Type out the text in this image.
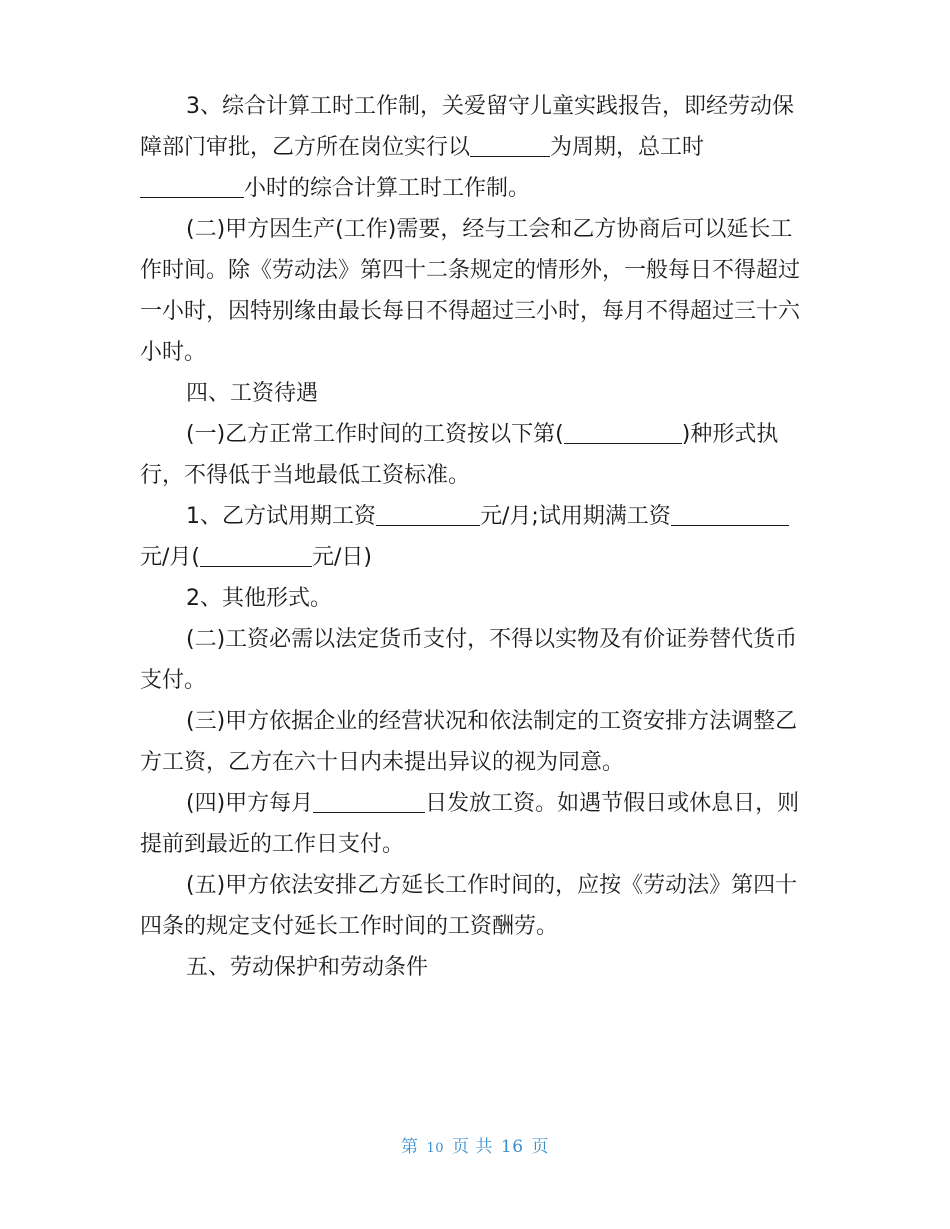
3、综合计算工时工作制，关爱留守儿童实践报告，即经劳动保障部门审批，乙方所在岗位实行以	为周期，总工时
小时的综合计算工时工作制。

(二)甲方因生产(工作)需要，经与工会和乙方协商后可以延长工作时间。除《劳动法》第四十二条规定的情形外，一般每日不得超过一小时，因特别缘由最长每日不得超过三小时，每月不得超过三十六小时。

四、工资待遇

(一)乙方正常工作时间的工资按以下第(	)种形式执行，不得低于当地最低工资标准。

1、乙方试用期工资	元/月;试用期满工资
元/月(	元/日)

2、其他形式。

(二)工资必需以法定货币支付，不得以实物及有价证券替代货币支付。

(三)甲方依据企业的经营状况和依法制定的工资安排方法调整乙方工资，乙方在六十日内未提出异议的视为同意。

(四)甲方每月	日发放工资。如遇节假日或休息日，则提前到最近的工作日支付。

(五)甲方依法安排乙方延长工作时间的，应按《劳动法》第四十四条的规定支付延长工作时间的工资酬劳。

五、劳动保护和劳动条件

第 10 页 共 16 页
